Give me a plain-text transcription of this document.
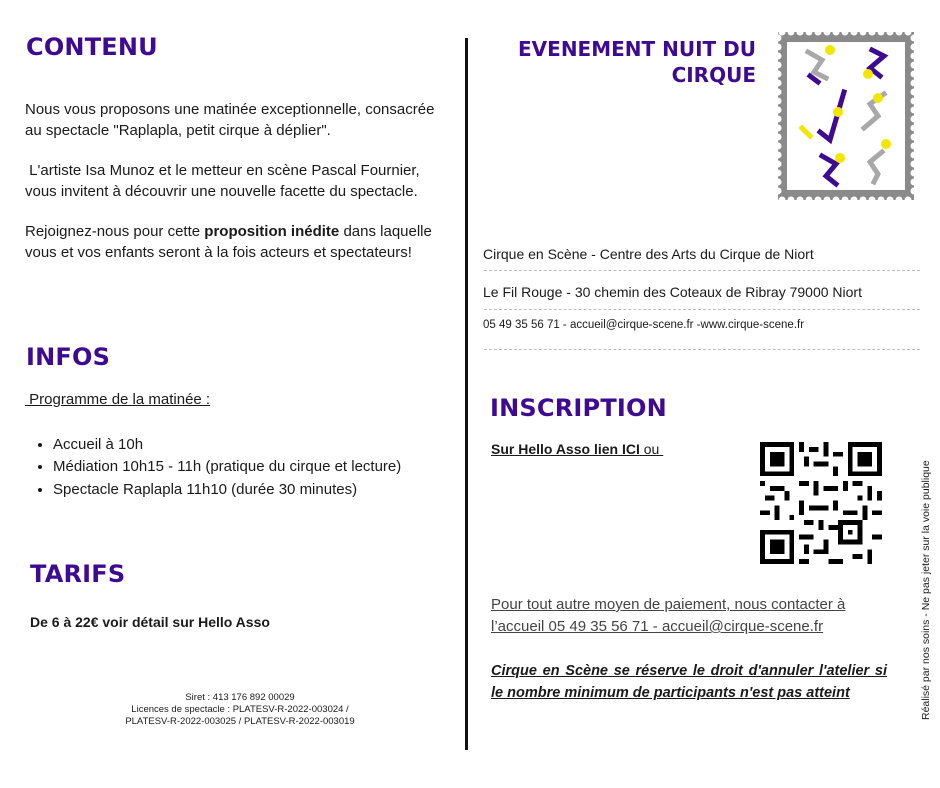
CONTENU
Nous vous proposons une matinée exceptionnelle, consacrée au spectacle "Raplapla, petit cirque à déplier".
L'artiste Isa Munoz et le metteur en scène Pascal Fournier, vous invitent à découvrir une nouvelle facette du spectacle.
Rejoignez-nous pour cette proposition inédite dans laquelle vous et vos enfants seront à la fois acteurs et spectateurs!
INFOS
Programme de la matinée :
• Accueil à 10h
• Médiation 10h15 - 11h (pratique du cirque et lecture)
• Spectacle Raplapla 11h10 (durée 30 minutes)
TARIFS
De 6 à 22€ voir détail sur Hello Asso
Siret : 413 176 892 00029
Licences de spectacle : PLATESV-R-2022-003024 /
PLATESV-R-2022-003025 / PLATESV-R-2022-003019
EVENEMENT NUIT DU
CIRQUE
Cirque en Scène - Centre des Arts du Cirque de Niort
Le Fil Rouge - 30 chemin des Coteaux de Ribray 79000 Niort
05 49 35 56 71 - accueil@cirque-scene.fr -www.cirque-scene.fr
INSCRIPTION
Sur Hello Asso lien ICI ou
Pour tout autre moyen de paiement, nous contacter à l’accueil 05 49 35 56 71 - accueil@cirque-scene.fr
Cirque en Scène se réserve le droit d'annuler l'atelier si le nombre minimum de participants n'est pas atteint	Réalisé par nos soins - Ne pas jeter sur la voie publique
